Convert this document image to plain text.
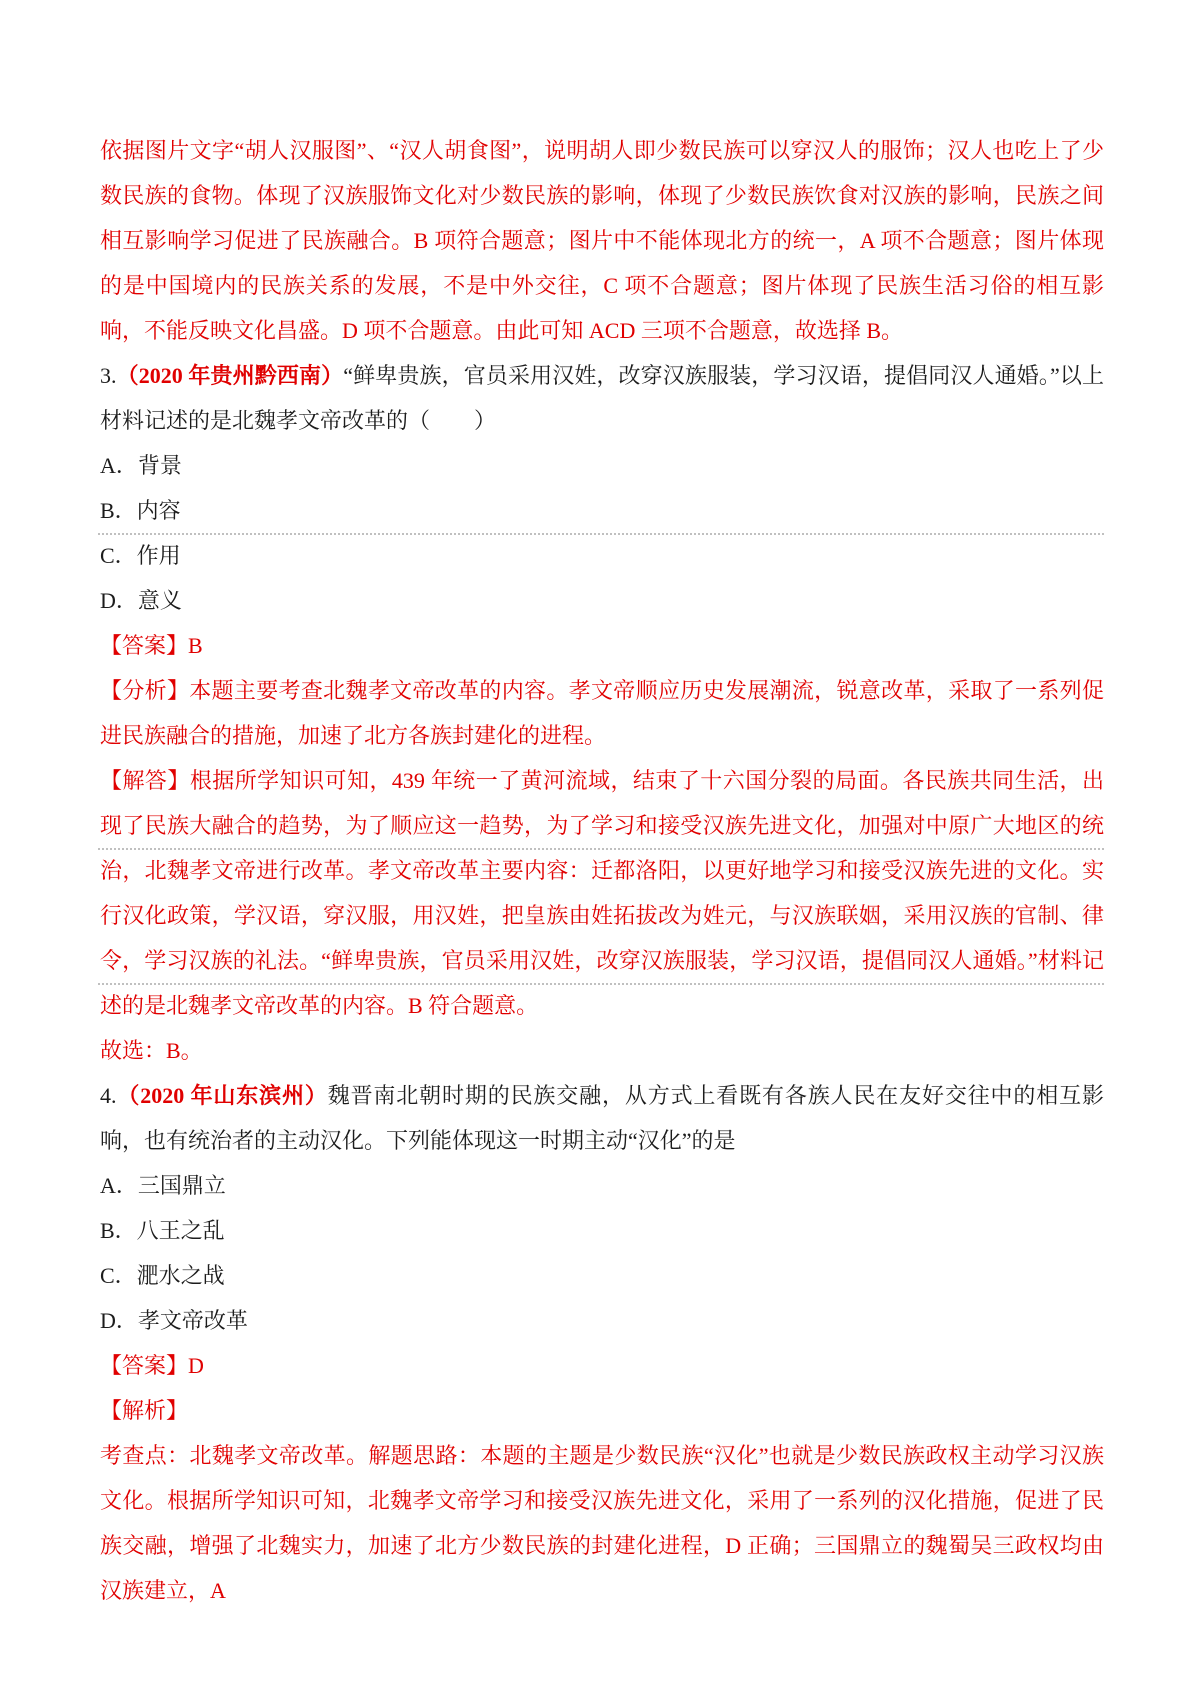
依据图片文字“胡人汉服图”、“汉人胡食图”，说明胡人即少数民族可以穿汉人的服饰；汉人也吃上了少数民族的食物。体现了汉族服饰文化对少数民族的影响，体现了少数民族饮食对汉族的影响，民族之间相互影响学习促进了民族融合。B 项符合题意；图片中不能体现北方的统一，A 项不合题意；图片体现的是中国境内的民族关系的发展，不是中外交往，C 项不合题意；图片体现了民族生活习俗的相互影响，不能反映文化昌盛。D 项不合题意。由此可知 ACD 三项不合题意，故选择 B。

3.（2020 年贵州黔西南）“鲜卑贵族，官员采用汉姓，改穿汉族服装，学习汉语，提倡同汉人通婚。”以上材料记述的是北魏孝文帝改革的（　　）

A．背景

B．内容

C．作用

D．意义

【答案】B

【分析】本题主要考查北魏孝文帝改革的内容。孝文帝顺应历史发展潮流，锐意改革，采取了一系列促进民族融合的措施，加速了北方各族封建化的进程。

【解答】根据所学知识可知，439 年统一了黄河流域，结束了十六国分裂的局面。各民族共同生活，出现了民族大融合的趋势，为了顺应这一趋势，为了学习和接受汉族先进文化，加强对中原广大地区的统治，北魏孝文帝进行改革。孝文帝改革主要内容：迁都洛阳，以更好地学习和接受汉族先进的文化。实行汉化政策，学汉语，穿汉服，用汉姓，把皇族由姓拓拔改为姓元，与汉族联姻，采用汉族的官制、律令，学习汉族的礼法。“鲜卑贵族，官员采用汉姓，改穿汉族服装，学习汉语，提倡同汉人通婚。”材料记述的是北魏孝文帝改革的内容。B 符合题意。

故选：B。

4.（2020 年山东滨州）魏晋南北朝时期的民族交融，从方式上看既有各族人民在友好交往中的相互影响，也有统治者的主动汉化。下列能体现这一时期主动“汉化”的是

A．三国鼎立

B．八王之乱

C．淝水之战

D．孝文帝改革

【答案】D

【解析】

考查点：北魏孝文帝改革。解题思路：本题的主题是少数民族“汉化”也就是少数民族政权主动学习汉族文化。根据所学知识可知，北魏孝文帝学习和接受汉族先进文化，采用了一系列的汉化措施，促进了民族交融，增强了北魏实力，加速了北方少数民族的封建化进程，D 正确；三国鼎立的魏蜀吴三政权均由汉族建立，A
